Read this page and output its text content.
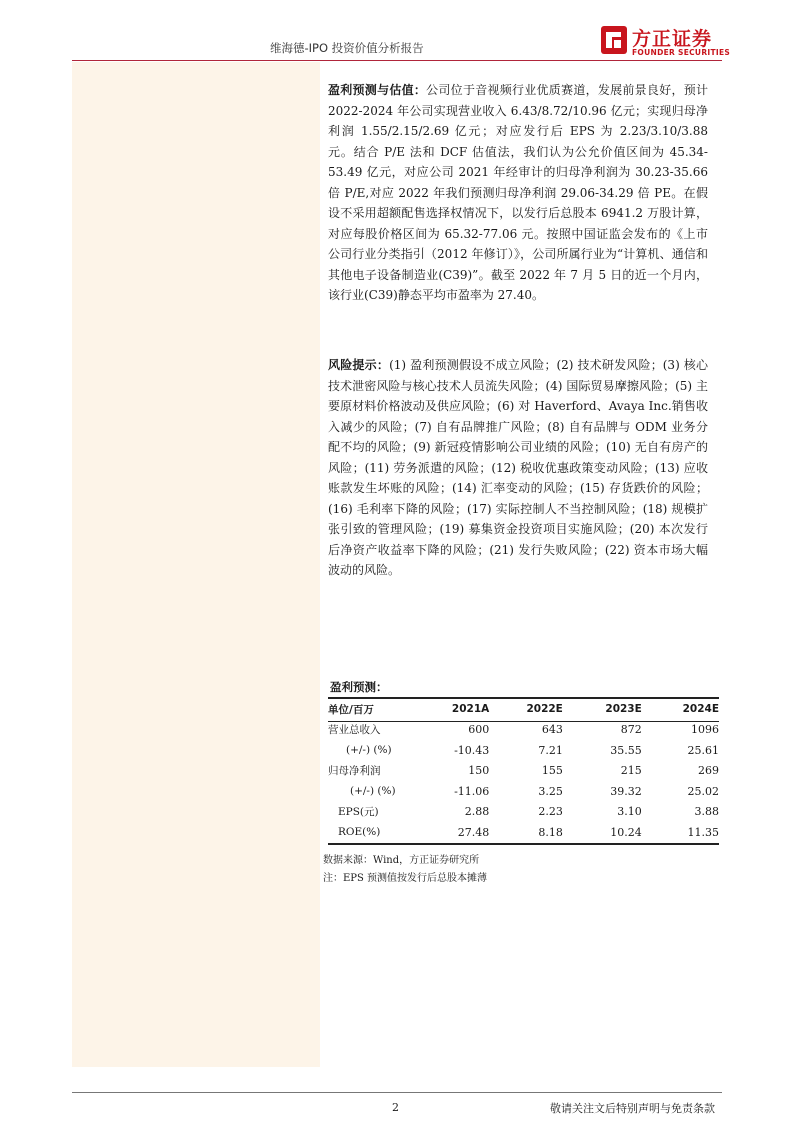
维海德-IPO 投资价值分析报告	方正证券
FOUNDER SECURITIES

盈利预测与估值：公司位于音视频行业优质赛道，发展前景良好，预计 2022-2024 年公司实现营业收入 6.43/8.72/10.96 亿元；实现归母净利润 1.55/2.15/2.69 亿元；对应发行后 EPS 为 2.23/3.10/3.88 元。结合 P/E 法和 DCF 估值法，我们认为公允价值区间为 45.34-53.49 亿元，对应公司 2021 年经审计的归母净利润为 30.23-35.66 倍 P/E,对应 2022 年我们预测归母净利润 29.06-34.29 倍 PE。在假设不采用超额配售选择权情况下，以发行后总股本 6941.2 万股计算，对应每股价格区间为 65.32-77.06 元。按照中国证监会发布的《上市公司行业分类指引（2012 年修订）》，公司所属行业为“计算机、通信和其他电子设备制造业(C39)”。截至 2022 年 7 月 5 日的近一个月内，该行业(C39)静态平均市盈率为 27.40。

风险提示：(1) 盈利预测假设不成立风险；(2) 技术研发风险；(3) 核心技术泄密风险与核心技术人员流失风险；(4) 国际贸易摩擦风险；(5) 主要原材料价格波动及供应风险；(6) 对 Haverford、Avaya Inc.销售收入减少的风险；(7) 自有品牌推广风险；(8) 自有品牌与 ODM 业务分配不均的风险；(9) 新冠疫情影响公司业绩的风险；(10) 无自有房产的风险；(11) 劳务派遣的风险；(12) 税收优惠政策变动风险；(13) 应收账款发生坏账的风险；(14) 汇率变动的风险；(15) 存货跌价的风险；(16) 毛利率下降的风险；(17) 实际控制人不当控制风险；(18) 规模扩张引致的管理风险；(19) 募集资金投资项目实施风险；(20) 本次发行后净资产收益率下降的风险；(21) 发行失败风险；(22) 资本市场大幅波动的风险。

盈利预测：
单位/百万	2021A	2022E	2023E	2024E
营业总收入	600	643	872	1096
(+/-) (%)	-10.43	7.21	35.55	25.61
归母净利润	150	155	215	269
(+/-) (%)	-11.06	3.25	39.32	25.02
EPS(元)	2.88	2.23	3.10	3.88
ROE(%)	27.48	8.18	10.24	11.35
数据来源：Wind，方正证券研究所
注：EPS 预测值按发行后总股本摊薄
2	敬请关注文后特别声明与免责条款
